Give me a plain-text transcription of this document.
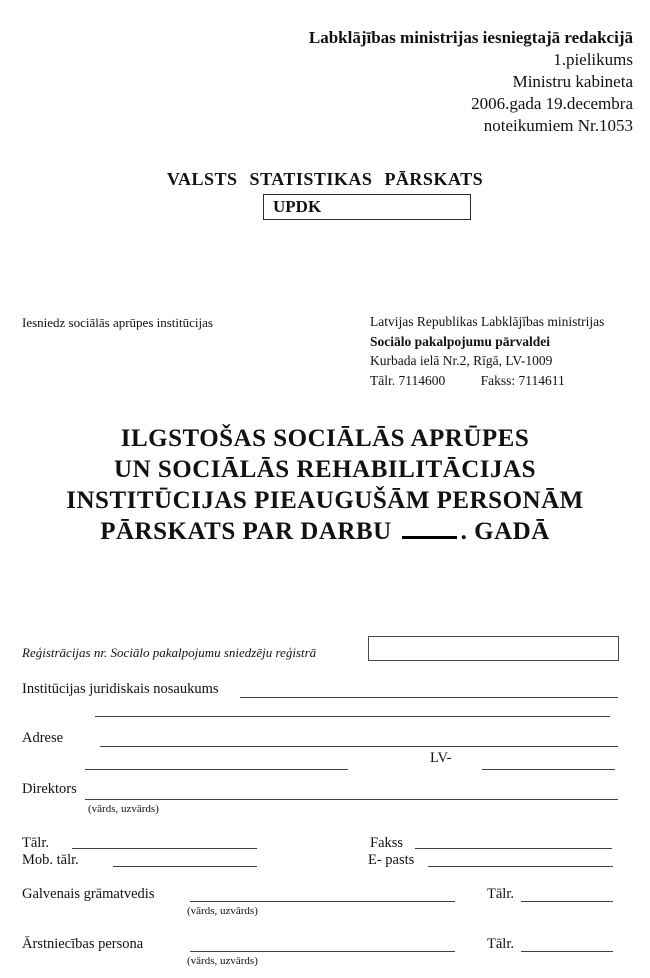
Labklājības ministrijas iesniegtajā redakcijā
1.pielikums
Ministru kabineta
2006.gada 19.decembra
noteikumiem Nr.1053
VALSTS STATISTIKAS PĀRSKATS
UPDK
Iesniedz sociālās aprūpes institūcijas	Latvijas Republikas Labklājības ministrijas
Sociālo pakalpojumu pārvaldei
Kurbada ielā Nr.2, Rīgā, LV-1009
Tālr. 7114600	Fakss: 7114611
ILGSTOŠAS SOCIĀLĀS APRŪPES
UN SOCIĀLĀS REHABILITĀCIJAS
INSTITŪCIJAS PIEAUGUŠĀM PERSONĀM
PĀRSKATS PAR DARBU	. GADĀ
Reģistrācijas nr. Sociālo pakalpojumu sniedzēju reģistrā
Institūcijas juridiskais nosaukums
Adrese
LV-
Direktors
(vārds, uzvārds)
Tālr.	Fakss
Mob. tālr.	E- pasts
Galvenais grāmatvedis
(vārds, uzvārds)
Tālr.
Ārstniecības persona
(vārds, uzvārds)
Tālr.
